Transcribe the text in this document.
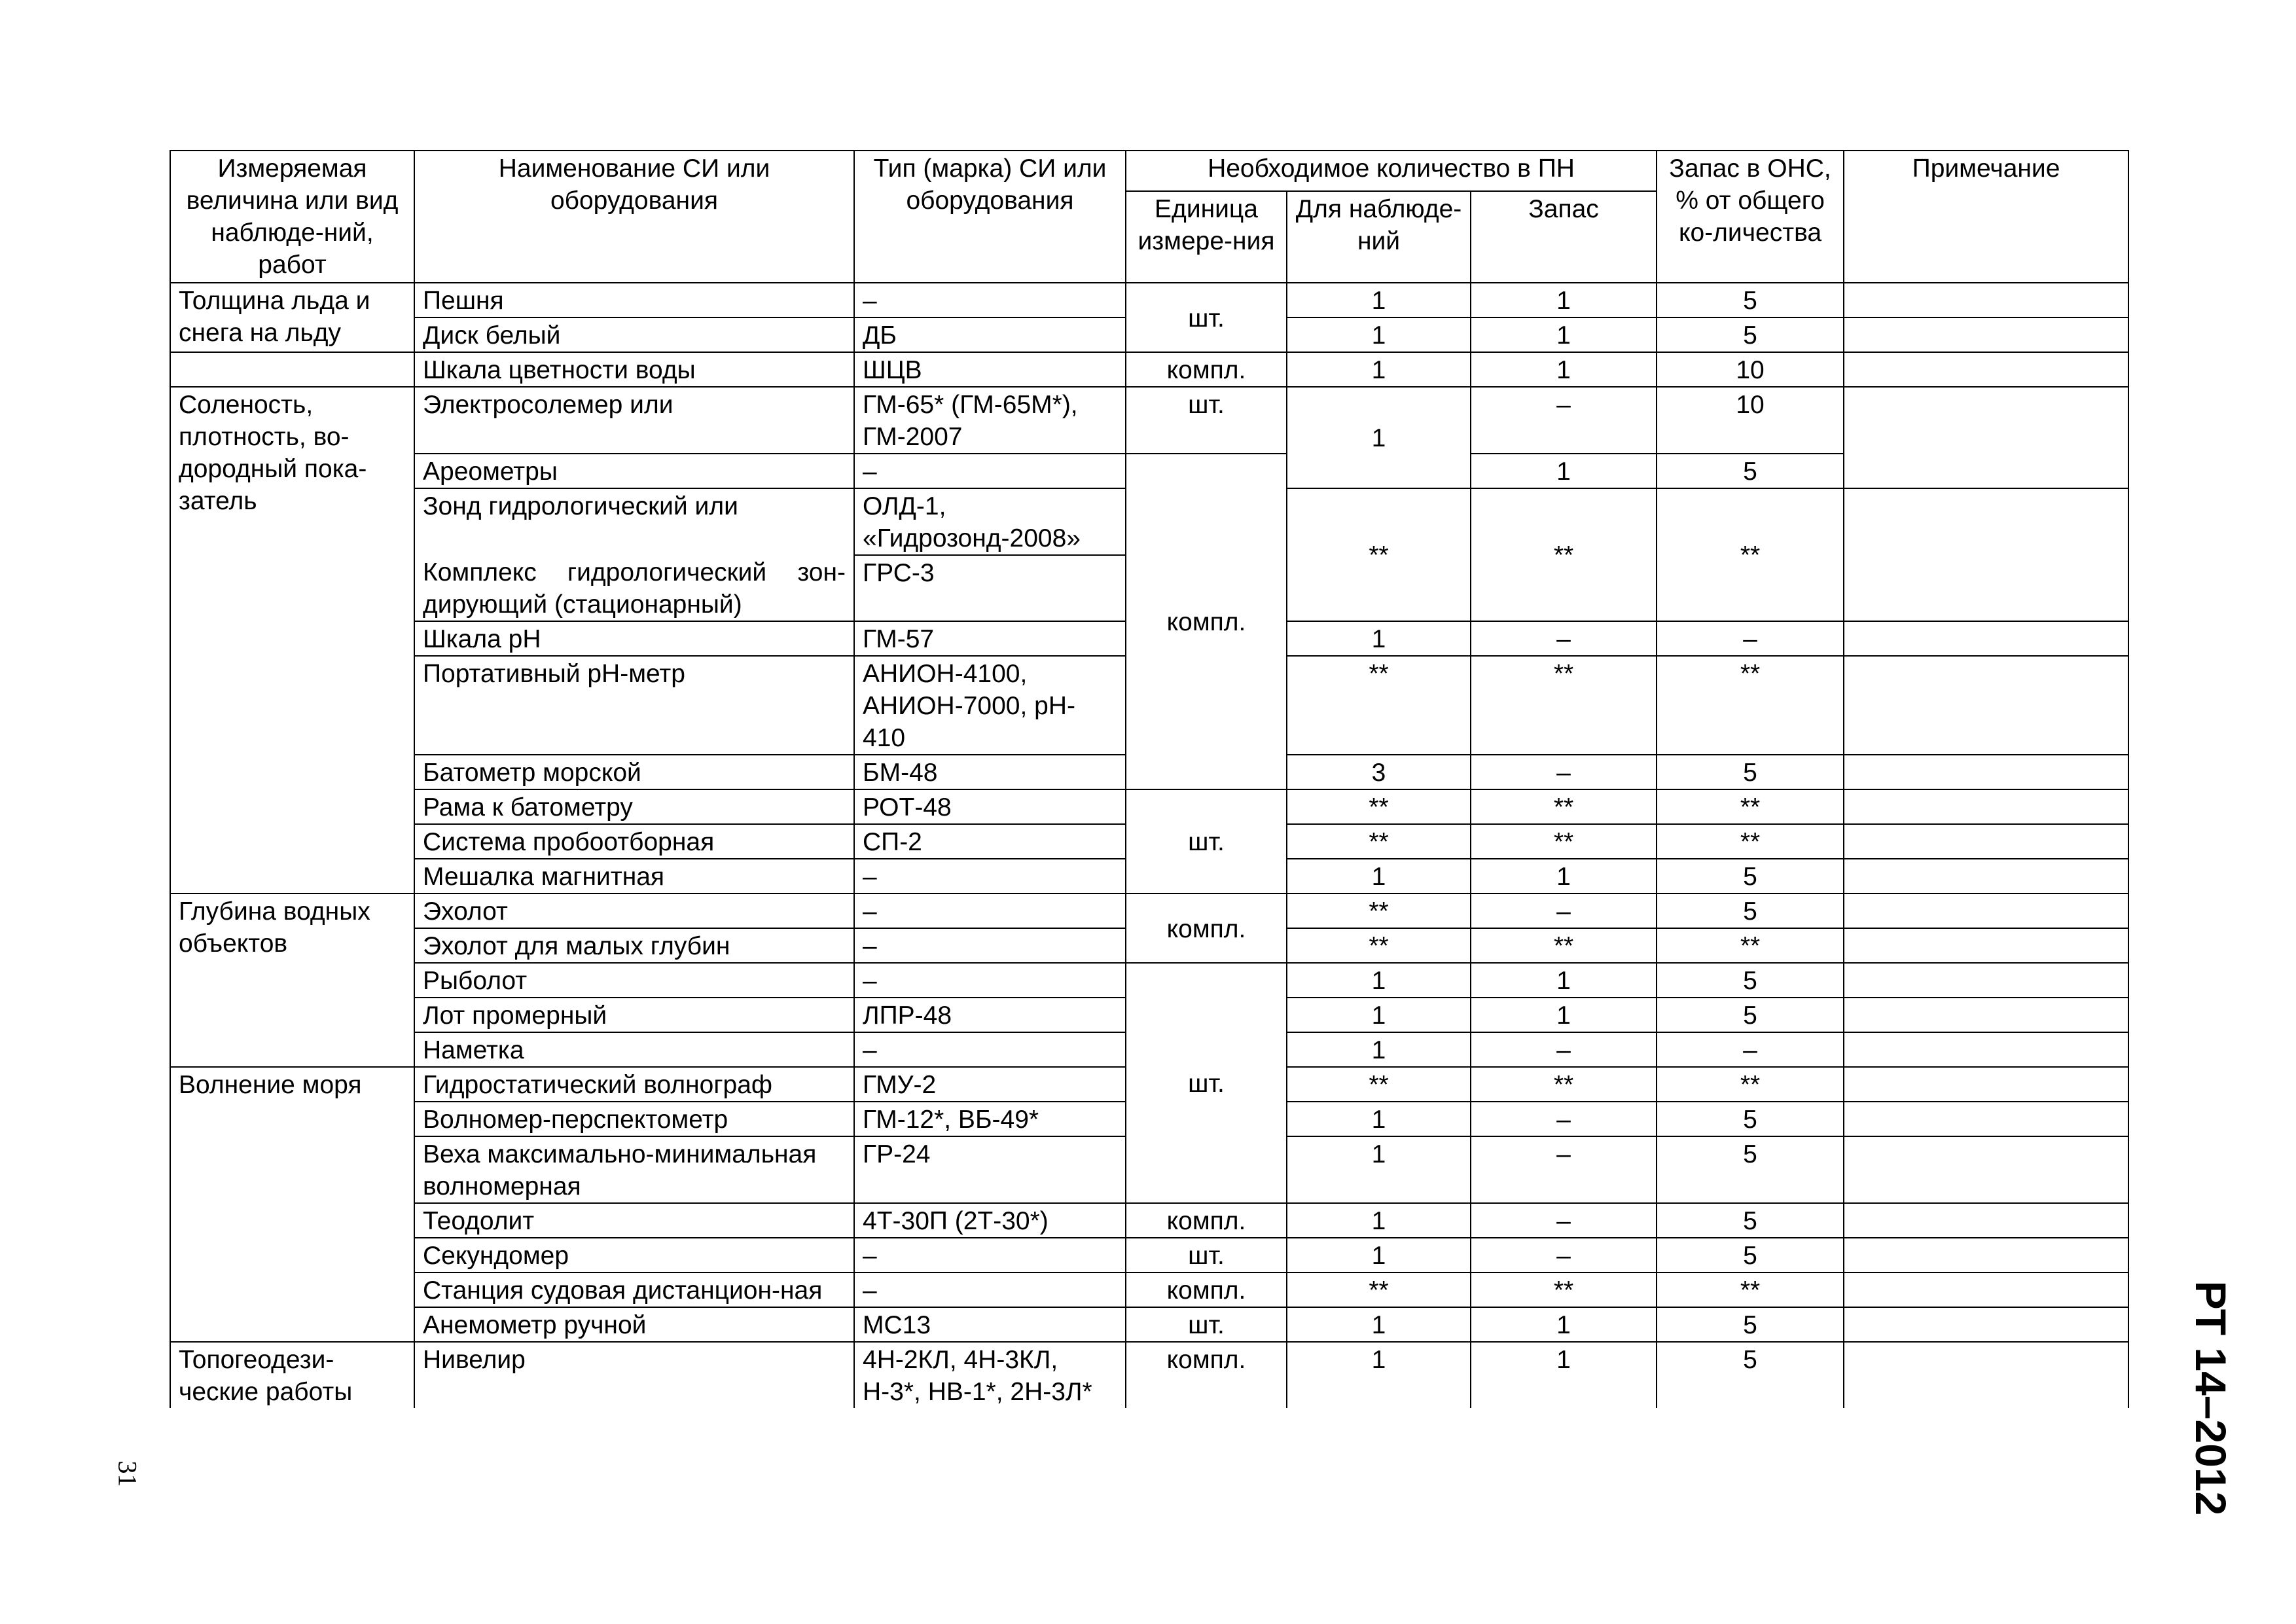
Измеряемая величина или вид наблюде-ний, работ	Наименование СИ или оборудования	Тип (марка) СИ или оборудования	Необходимое количество в ПН			Запас в ОНС, % от общего ко-личества	Примечание
			Единица измере-ния	Для наблюде-ний	Запас		
Толщина льда и снега на льду	Пешня	–	шт.	1	1	5	
	Диск белый	ДБ		1	1	5	
	Шкала цветности воды	ШЦВ	компл.	1	1	10	
Соленость, плотность, во-дородный пока-затель	Электросолемер или	ГМ-65* (ГМ-65М*), ГМ-2007	шт.	1	–	10	
	Ареометры	–	компл.		1	5	
	Зонд гидрологический или	ОЛД-1, «Гидрозонд-2008»		**	**	**	
	Комплекс гидрологический зон-дирующий (стационарный)	ГРС-3					
	Шкала pH	ГМ-57		1	–	–	
	Портативный pH-метр	АНИОН-4100, АНИОН-7000, pH-410		**	**	**	
	Батометр морской	БМ-48		3	–	5	
	Рама к батометру	РОТ-48	шт.	**	**	**	
	Система пробоотборная	СП-2		**	**	**	
	Мешалка магнитная	–		1	1	5	
Глубина водных объектов	Эхолот	–	компл.	**	–	5	
	Эхолот для малых глубин	–		**	**	**	
	Рыболот	–	шт.	1	1	5	
	Лот промерный	ЛПР-48		1	1	5	
	Наметка	–		1	–	–	
Волнение моря	Гидростатический волнограф	ГМУ-2		**	**	**	
	Волномер-перспектометр	ГМ-12*, ВБ-49*		1	–	5	
	Веха максимально-минимальная волномерная	ГР-24		1	–	5	
	Теодолит	4Т-30П (2Т-30*)	компл.	1	–	5	
	Секундомер	–	шт.	1	–	5	
	Станция судовая дистанцион-ная	–	компл.	**	**	**	
	Анемометр ручной	МС13	шт.	1	1	5	
Топогеодези-ческие работы	Нивелир	4Н-2КЛ, 4Н-3КЛ, Н-3*, НВ-1*, 2Н-3Л*	компл.	1	1	5	
31	РТ 14–2012
